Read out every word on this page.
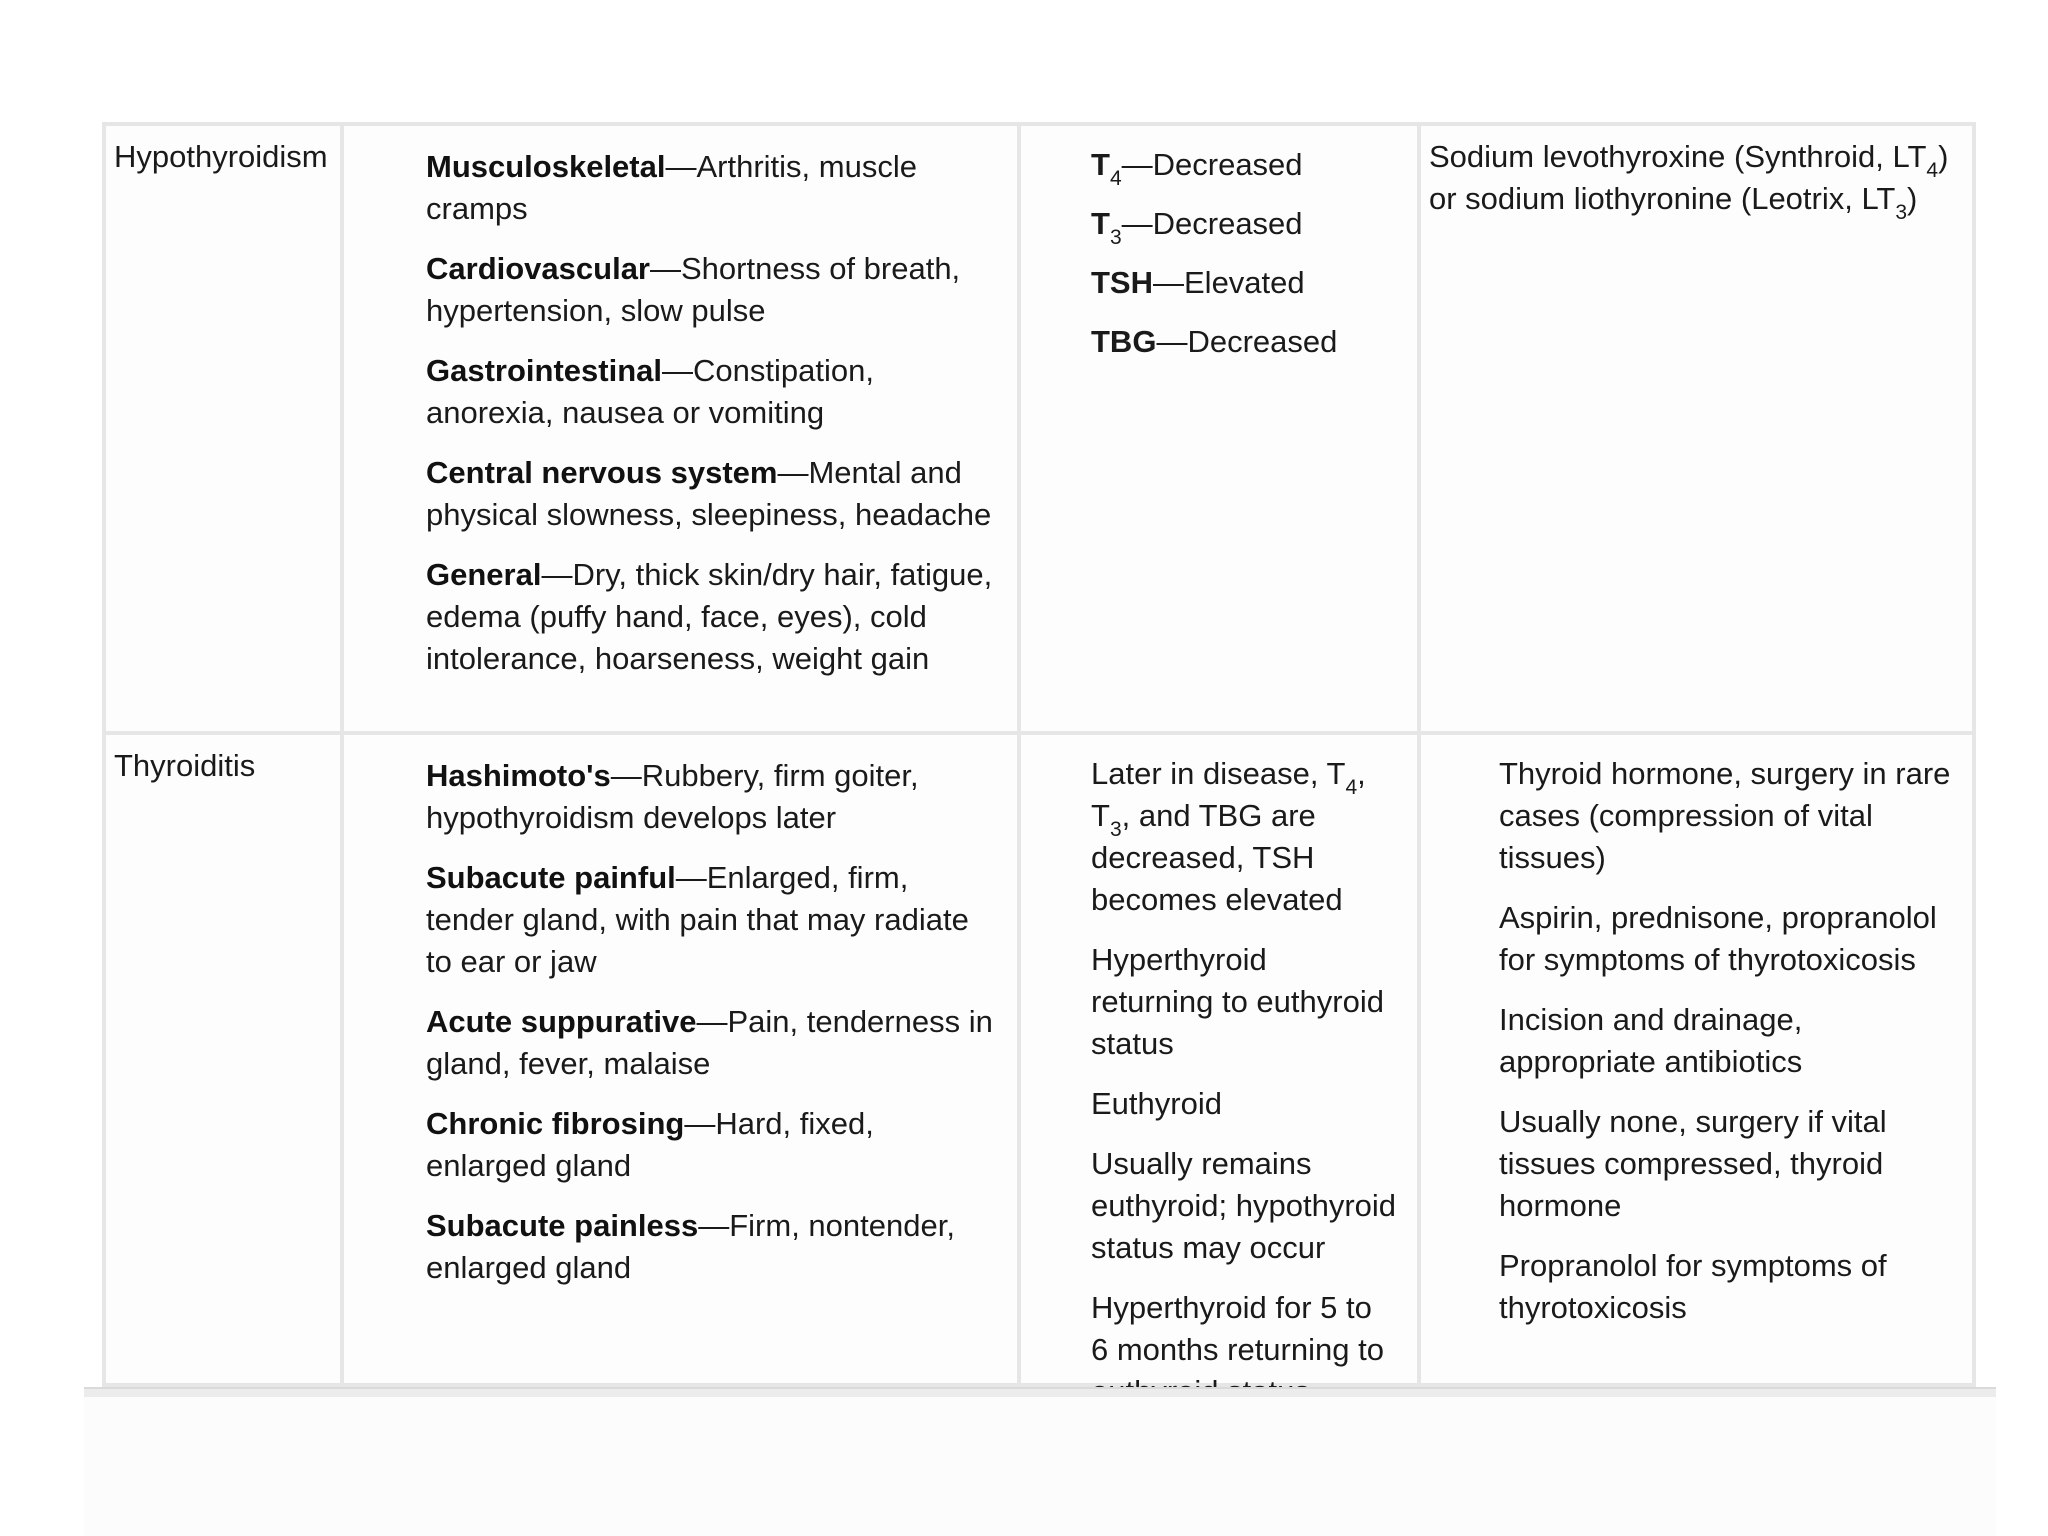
Hypothyroidism	Musculoskeletal—Arthritis, muscle cramps
Cardiovascular—Shortness of breath, hypertension, slow pulse
Gastrointestinal—Constipation, anorexia, nausea or vomiting
Central nervous system—Mental and physical slowness, sleepiness, headache
General—Dry, thick skin/dry hair, fatigue, edema (puffy hand, face, eyes), cold intolerance, hoarseness, weight gain
$T_4—Decreased$
$T_3—Decreased$
TSH—Elevated
TBG—Decreased
Sodium levothyroxine (Synthroid, $LT_4$) or sodium liothyronine (Leotrix, $LT_3$)
Thyroiditis	Hashimoto's—Rubbery, firm goiter, hypothyroidism develops later
Subacute painful—Enlarged, firm, tender gland, with pain that may radiate to ear or jaw
Acute suppurative—Pain, tenderness in gland, fever, malaise
Chronic fibrosing—Hard, fixed, enlarged gland
Subacute painless—Firm, nontender, enlarged gland
Later in disease, $T_4$, $T_3$, and TBG are decreased, TSH becomes elevated
Hyperthyroid returning to euthyroid status
Euthyroid
Usually remains euthyroid; hypothyroid status may occur
Hyperthyroid for 5 to 6 months returning to
Thyroid hormone, surgery in rare cases (compression of vital tissues)
Aspirin, prednisone, propranolol for symptoms of thyrotoxicosis
Incision and drainage, appropriate antibiotics
Usually none, surgery if vital tissues compressed, thyroid hormone
Propranolol for symptoms of thyrotoxicosis
